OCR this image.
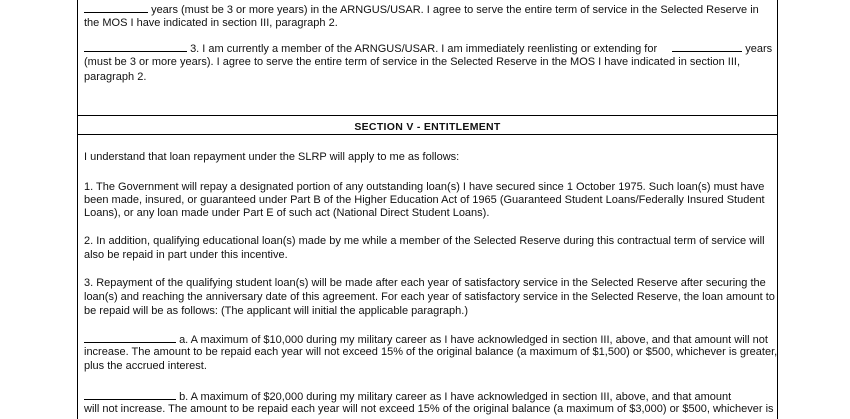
years (must be 3 or more years) in the ARNGUS/USAR. I agree to serve the entire term of service in the Selected Reserve in
the MOS I have indicated in section III, paragraph 2.
3. I am currently a member of the ARNGUS/USAR. I am immediately reenlisting or extending for	years
(must be 3 or more years). I agree to serve the entire term of service in the Selected Reserve in the MOS I have indicated in section III,
paragraph 2.
SECTION V - ENTITLEMENT
I understand that loan repayment under the SLRP will apply to me as follows:
1. The Government will repay a designated portion of any outstanding loan(s) I have secured since 1 October 1975. Such loan(s) must have
been made, insured, or guaranteed under Part B of the Higher Education Act of 1965 (Guaranteed Student Loans/Federally Insured Student
Loans), or any loan made under Part E of such act (National Direct Student Loans).
2. In addition, qualifying educational loan(s) made by me while a member of the Selected Reserve during this contractual term of service will
also be repaid in part under this incentive.
3. Repayment of the qualifying student loan(s) will be made after each year of satisfactory service in the Selected Reserve after securing the
loan(s) and reaching the anniversary date of this agreement. For each year of satisfactory service in the Selected Reserve, the loan amount to
be repaid will be as follows: (The applicant will initial the applicable paragraph.)
a. A maximum of $10,000 during my military career as I have acknowledged in section III, above, and that amount will not
increase. The amount to be repaid each year will not exceed 15% of the original balance (a maximum of $1,500) or $500, whichever is greater,
plus the accrued interest.
b. A maximum of $20,000 during my military career as I have acknowledged in section III, above, and that amount
will not increase. The amount to be repaid each year will not exceed 15% of the original balance (a maximum of $3,000) or $500, whichever is
